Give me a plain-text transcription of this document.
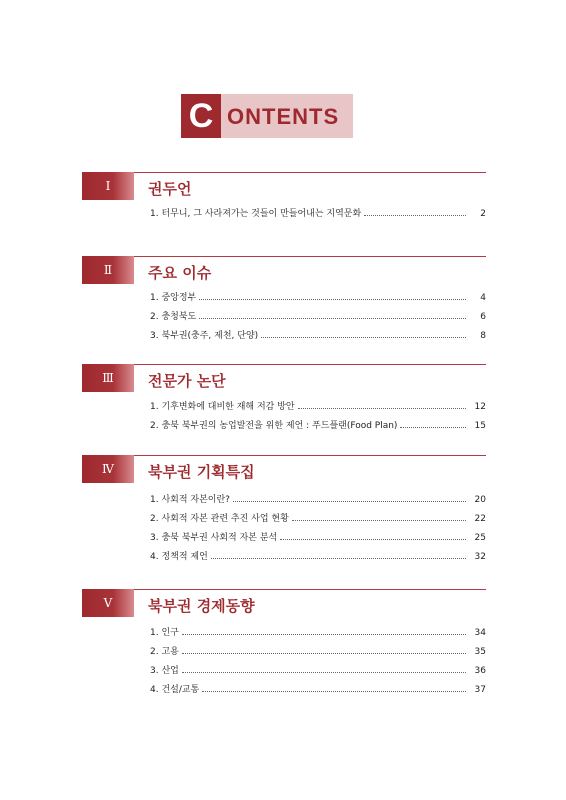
C ONTENTS
Ⅰ	권두언
1. 터무니, 그 사라져가는 것들이 만들어내는 지역문화	2
Ⅱ	주요 이슈
1. 중앙정부	4
2. 충청북도	6
3. 북부권(충주, 제천, 단양)	8
Ⅲ	전문가 논단
1. 기후변화에 대비한 재해 저감 방안	12
2. 충북 북부권의 농업발전을 위한 제언 : 푸드플랜(Food Plan)	15
Ⅳ	북부권 기획특집
1. 사회적 자본이란?	20
2. 사회적 자본 관련 추진 사업 현황	22
3. 충북 북부권 사회적 자본 분석	25
4. 정책적 제언	32
Ⅴ	북부권 경제동향
1. 인구	34
2. 고용	35
3. 산업	36
4. 건설/교통	37
